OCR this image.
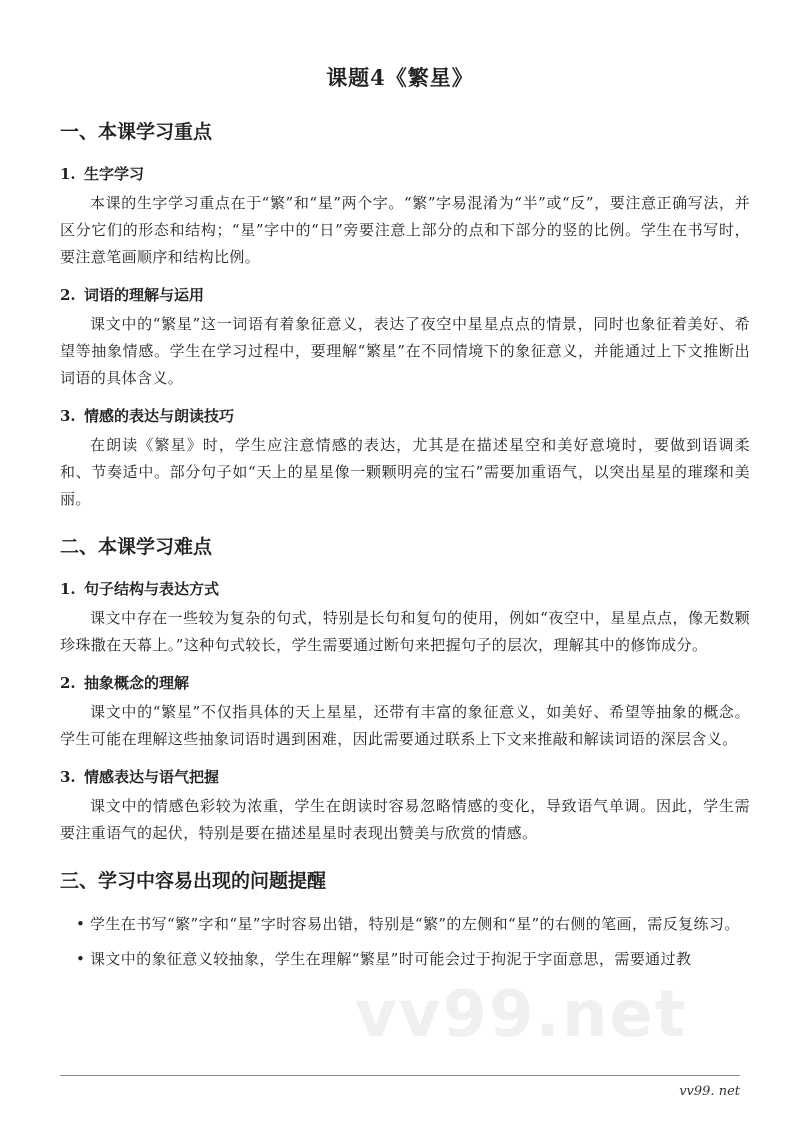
课题4《繁星》
一、本课学习重点
1. 生字学习

本课的生字学习重点在于“繁”和“星”两个字。“繁”字易混淆为“半”或“反”，要注意正确写法，并区分它们的形态和结构；“星”字中的“日”旁要注意上部分的点和下部分的竖的比例。学生在书写时，要注意笔画顺序和结构比例。

2. 词语的理解与运用

课文中的“繁星”这一词语有着象征意义，表达了夜空中星星点点的情景，同时也象征着美好、希望等抽象情感。学生在学习过程中，要理解“繁星”在不同情境下的象征意义，并能通过上下文推断出词语的具体含义。

3. 情感的表达与朗读技巧

在朗读《繁星》时，学生应注意情感的表达，尤其是在描述星空和美好意境时，要做到语调柔和、节奏适中。部分句子如“天上的星星像一颗颗明亮的宝石”需要加重语气，以突出星星的璀璨和美丽。

二、本课学习难点
1. 句子结构与表达方式

课文中存在一些较为复杂的句式，特别是长句和复句的使用，例如“夜空中，星星点点，像无数颗珍珠撒在天幕上。”这种句式较长，学生需要通过断句来把握句子的层次，理解其中的修饰成分。

2. 抽象概念的理解

课文中的“繁星”不仅指具体的天上星星，还带有丰富的象征意义，如美好、希望等抽象的概念。学生可能在理解这些抽象词语时遇到困难，因此需要通过联系上下文来推敲和解读词语的深层含义。

3. 情感表达与语气把握

课文中的情感色彩较为浓重，学生在朗读时容易忽略情感的变化，导致语气单调。因此，学生需要注重语气的起伏，特别是要在描述星星时表现出赞美与欣赏的情感。

三、学习中容易出现的问题提醒
• 学生在书写“繁”字和“星”字时容易出错，特别是“繁”的左侧和“星”的右侧的笔画，需反复练习。
• 课文中的象征意义较抽象，学生在理解“繁星”时可能会过于拘泥于字面意思，需要通过教
vv99.net
vv99. net
